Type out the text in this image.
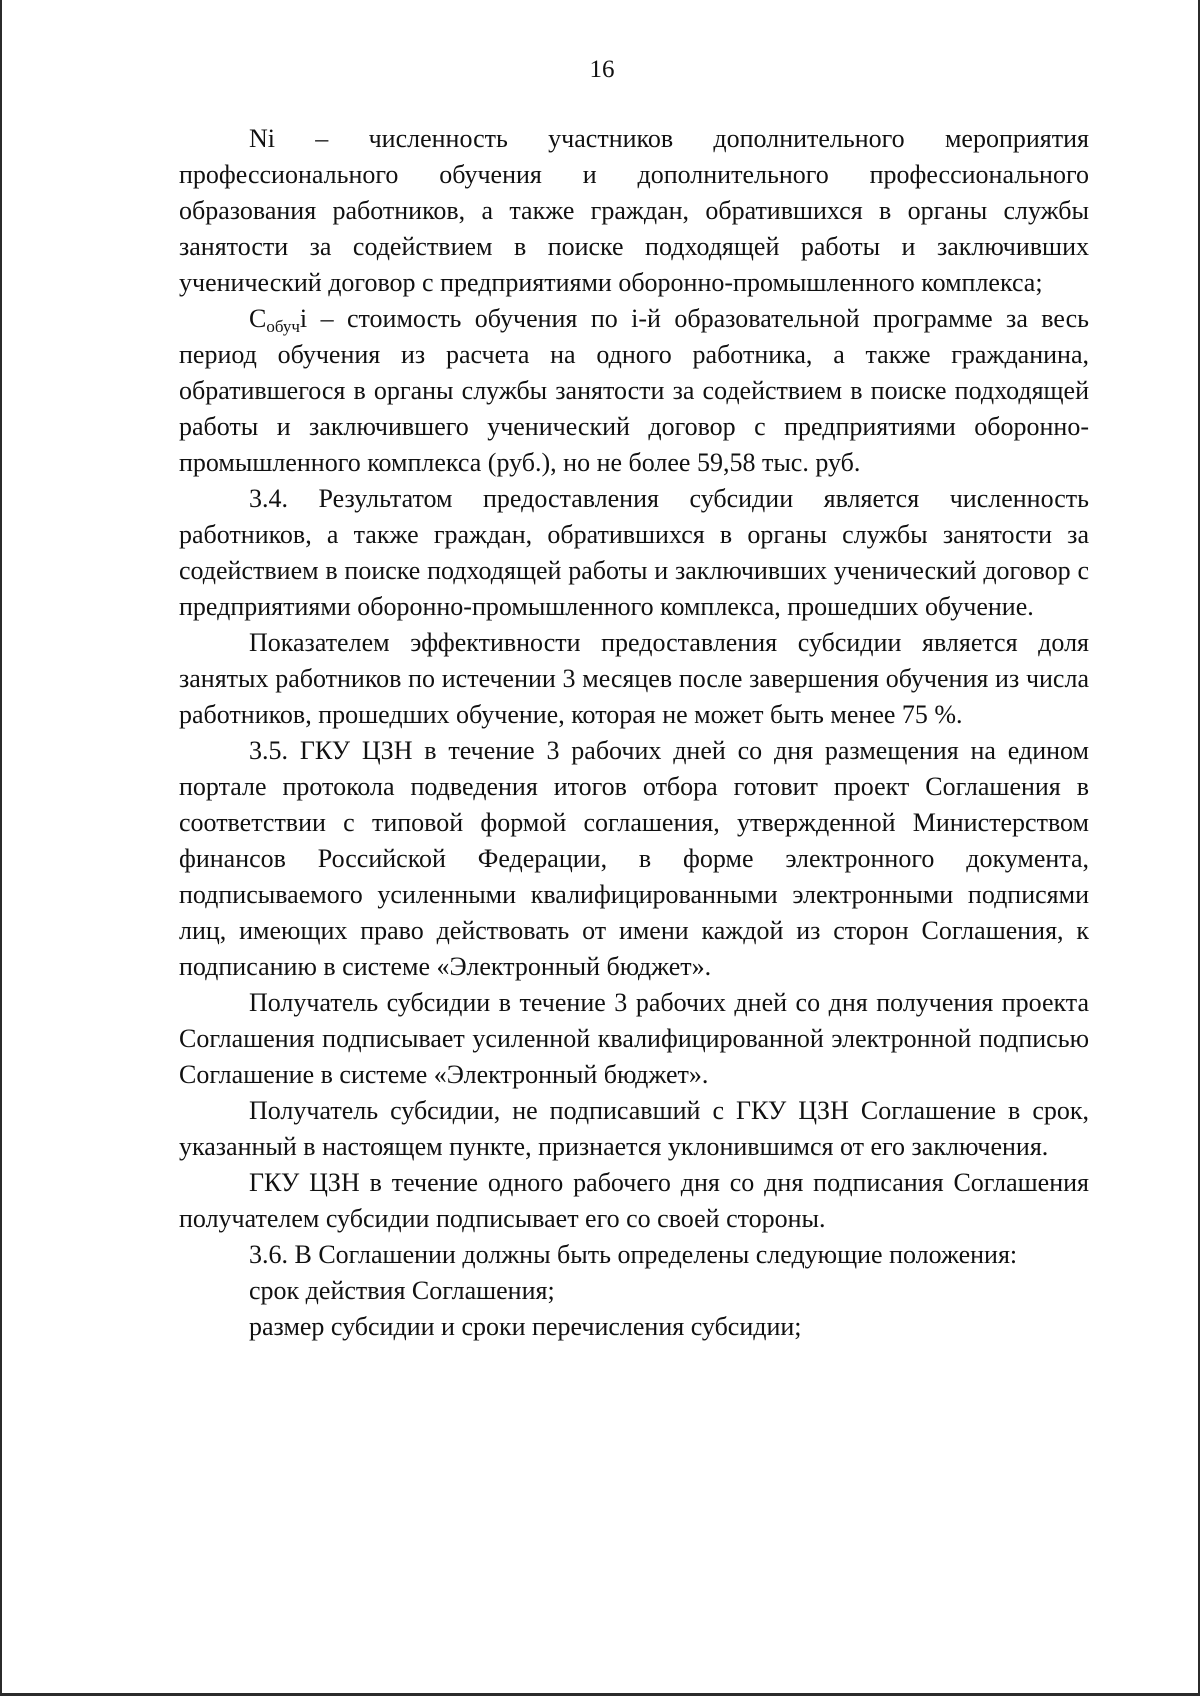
16

Ni – численность участников дополнительного мероприятия профессионального обучения и дополнительного профессионального образования работников, а также граждан, обратившихся в органы службы занятости за содействием в поиске подходящей работы и заключивших ученический договор с предприятиями оборонно-промышленного комплекса;

$C_{обуч}i$ – стоимость обучения по i-й образовательной программе за весь период обучения из расчета на одного работника, а также гражданина, обратившегося в органы службы занятости за содействием в поиске подходящей работы и заключившего ученический договор с предприятиями оборонно-промышленного комплекса (руб.), но не более 59,58 тыс. руб.

3.4. Результатом предоставления субсидии является численность работников, а также граждан, обратившихся в органы службы занятости за содействием в поиске подходящей работы и заключивших ученический договор с предприятиями оборонно-промышленного комплекса, прошедших обучение.

Показателем эффективности предоставления субсидии является доля занятых работников по истечении 3 месяцев после завершения обучения из числа работников, прошедших обучение, которая не может быть менее 75 %.

3.5. ГКУ ЦЗН в течение 3 рабочих дней со дня размещения на едином портале протокола подведения итогов отбора готовит проект Соглашения в соответствии с типовой формой соглашения, утвержденной Министерством финансов Российской Федерации, в форме электронного документа, подписываемого усиленными квалифицированными электронными подписями лиц, имеющих право действовать от имени каждой из сторон Соглашения, к подписанию в системе «Электронный бюджет».

Получатель субсидии в течение 3 рабочих дней со дня получения проекта Соглашения подписывает усиленной квалифицированной электронной подписью Соглашение в системе «Электронный бюджет».

Получатель субсидии, не подписавший с ГКУ ЦЗН Соглашение в срок, указанный в настоящем пункте, признается уклонившимся от его заключения.

ГКУ ЦЗН в течение одного рабочего дня со дня подписания Соглашения получателем субсидии подписывает его со своей стороны.

3.6. В Соглашении должны быть определены следующие положения:

срок действия Соглашения;

размер субсидии и сроки перечисления субсидии;
